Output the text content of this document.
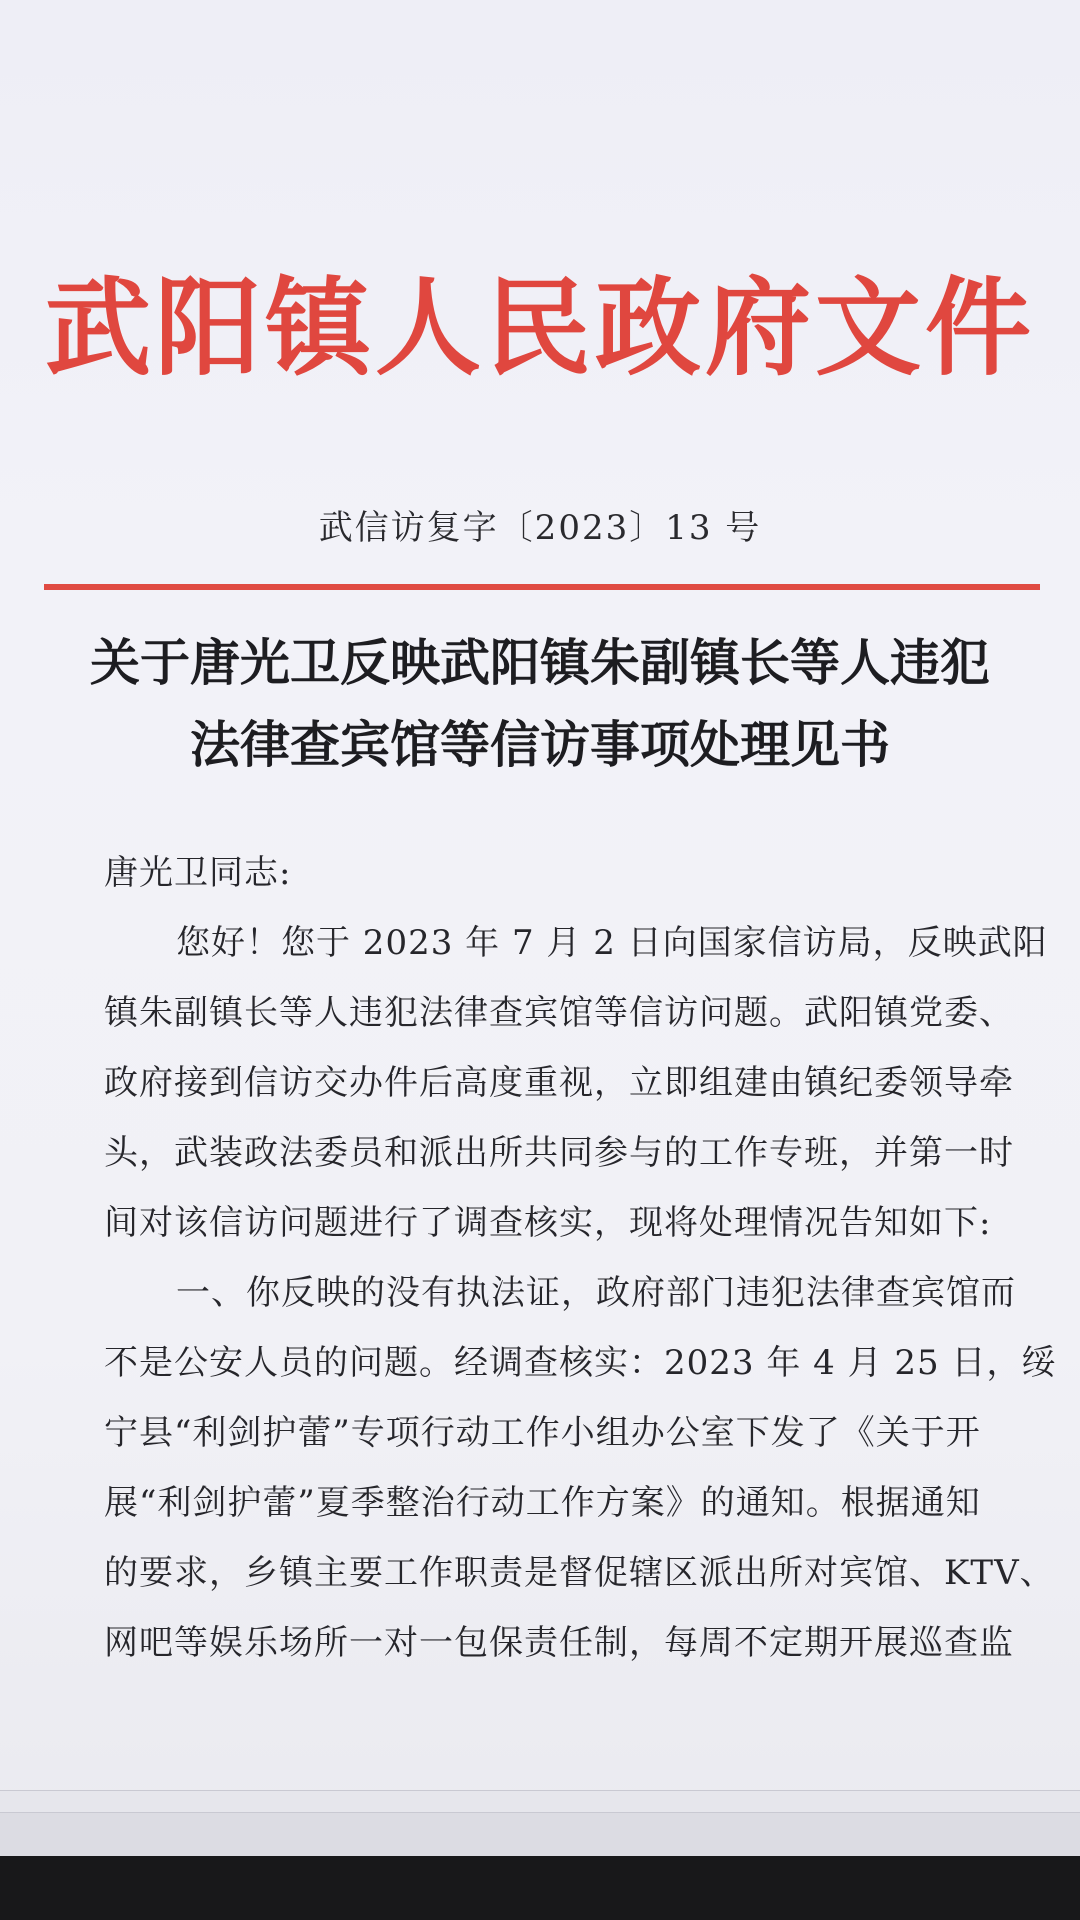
武阳镇人民政府文件
武信访复字〔2023〕13 号
关于唐光卫反映武阳镇朱副镇长等人违犯
法律查宾馆等信访事项处理见书
唐光卫同志:
您好！您于 2023 年 7 月 2 日向国家信访局，反映武阳
镇朱副镇长等人违犯法律查宾馆等信访问题。武阳镇党委、
政府接到信访交办件后高度重视，立即组建由镇纪委领导牵
头，武装政法委员和派出所共同参与的工作专班，并第一时
间对该信访问题进行了调查核实，现将处理情况告知如下:
一、你反映的没有执法证，政府部门违犯法律查宾馆而
不是公安人员的问题。经调查核实：2023 年 4 月 25 日，绥
宁县“利剑护蕾”专项行动工作小组办公室下发了《关于开
展“利剑护蕾”夏季整治行动工作方案》的通知。根据通知
的要求，乡镇主要工作职责是督促辖区派出所对宾馆、KTV、
网吧等娱乐场所一对一包保责任制，每周不定期开展巡查监
